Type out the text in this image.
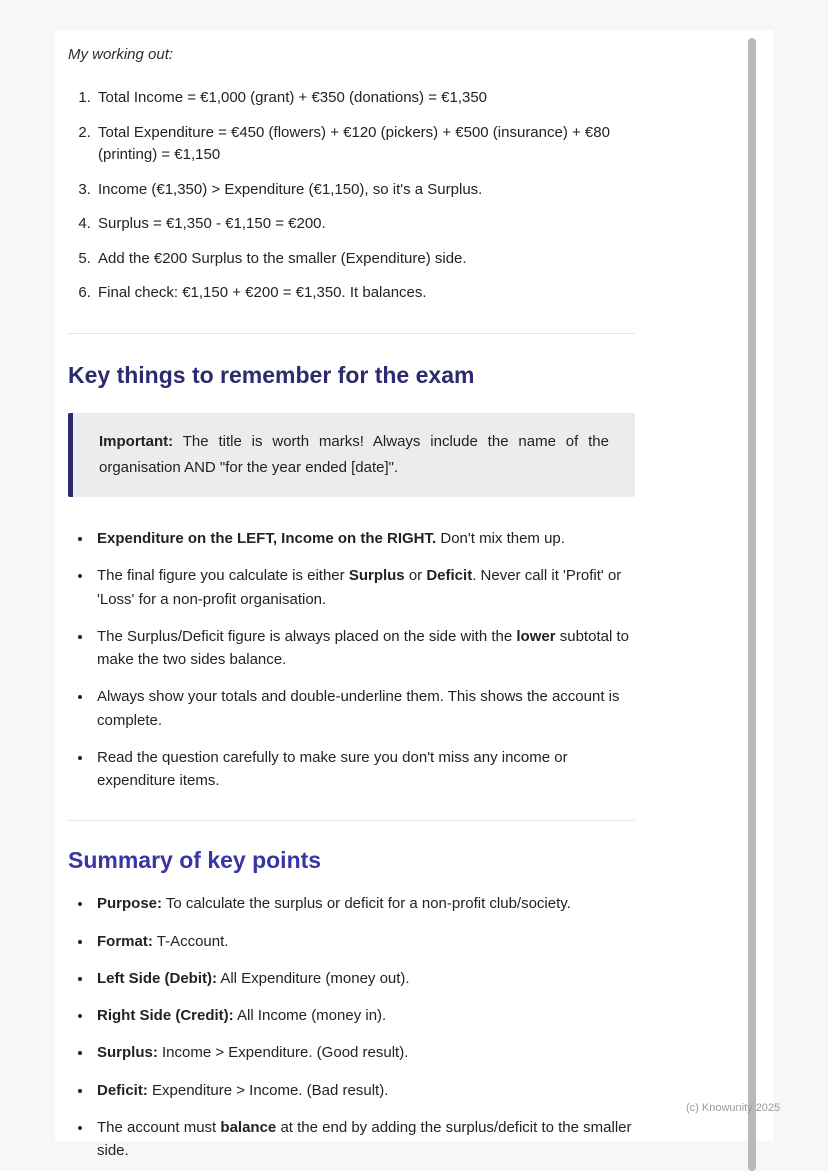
My working out:

1. Total Income = €1,000 (grant) + €350 (donations) = €1,350
2. Total Expenditure = €450 (flowers) + €120 (pickers) + €500 (insurance) + €80 (printing) = €1,150
3. Income (€1,350) > Expenditure (€1,150), so it's a Surplus.
4. Surplus = €1,350 - €1,150 = €200.
5. Add the €200 Surplus to the smaller (Expenditure) side.
6. Final check: €1,150 + €200 = €1,350. It balances.
Key things to remember for the exam

Important: The title is worth marks! Always include the name of the organisation AND "for the year ended [date]".

• Expenditure on the LEFT, Income on the RIGHT. Don't mix them up.
• The final figure you calculate is either Surplus or Deficit. Never call it 'Profit' or 'Loss' for a non-profit organisation.
• The Surplus/Deficit figure is always placed on the side with the lower subtotal to make the two sides balance.
• Always show your totals and double-underline them. This shows the account is complete.
• Read the question carefully to make sure you don't miss any income or expenditure items.
Summary of key points
• Purpose: To calculate the surplus or deficit for a non-profit club/society.
• Format: T-Account.
• Left Side (Debit): All Expenditure (money out).
• Right Side (Credit): All Income (money in).
• Surplus: Income > Expenditure. (Good result).
• Deficit: Expenditure > Income. (Bad result).
• The account must balance at the end by adding the surplus/deficit to the smaller side.
(c) Knowunity 2025
